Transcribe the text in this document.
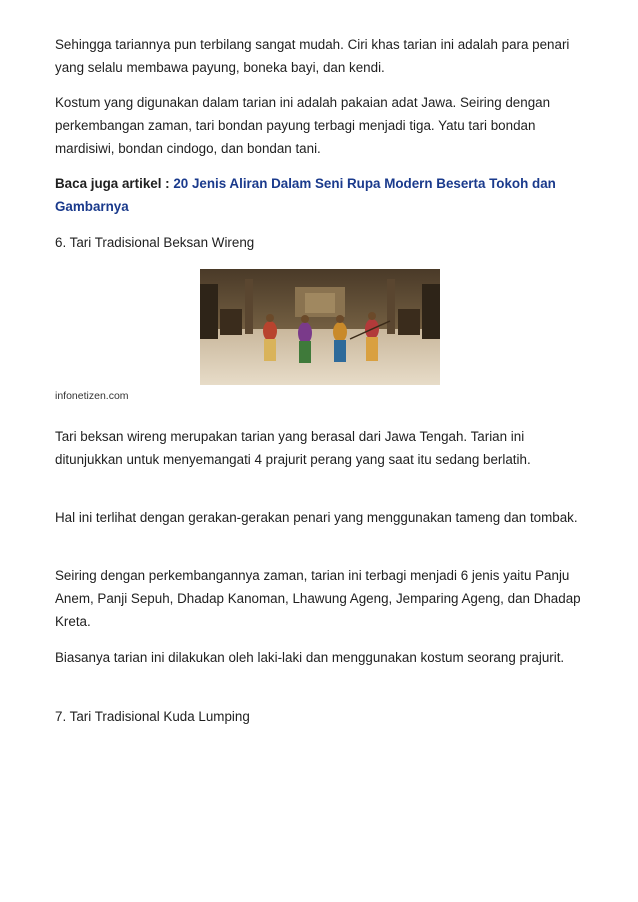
Sehingga tariannya pun terbilang sangat mudah. Ciri khas tarian ini adalah para penari yang selalu membawa payung, boneka bayi, dan kendi.

Kostum yang digunakan dalam tarian ini adalah pakaian adat Jawa. Seiring dengan perkembangan zaman, tari bondan payung terbagi menjadi tiga. Yatu tari bondan mardisiwi, bondan cindogo, dan bondan tani.

Baca juga artikel : 20 Jenis Aliran Dalam Seni Rupa Modern Beserta Tokoh dan Gambarnya

6. Tari Tradisional Beksan Wireng

infonetizen.com

Tari beksan wireng merupakan tarian yang berasal dari Jawa Tengah. Tarian ini ditunjukkan untuk menyemangati 4 prajurit perang yang saat itu sedang berlatih.

Hal ini terlihat dengan gerakan-gerakan penari yang menggunakan tameng dan tombak.

Seiring dengan perkembangannya zaman, tarian ini terbagi menjadi 6 jenis yaitu Panju Anem, Panji Sepuh, Dhadap Kanoman, Lhawung Ageng, Jemparing Ageng, dan Dhadap Kreta.

Biasanya tarian ini dilakukan oleh laki-laki dan menggunakan kostum seorang prajurit.

7. Tari Tradisional Kuda Lumping
